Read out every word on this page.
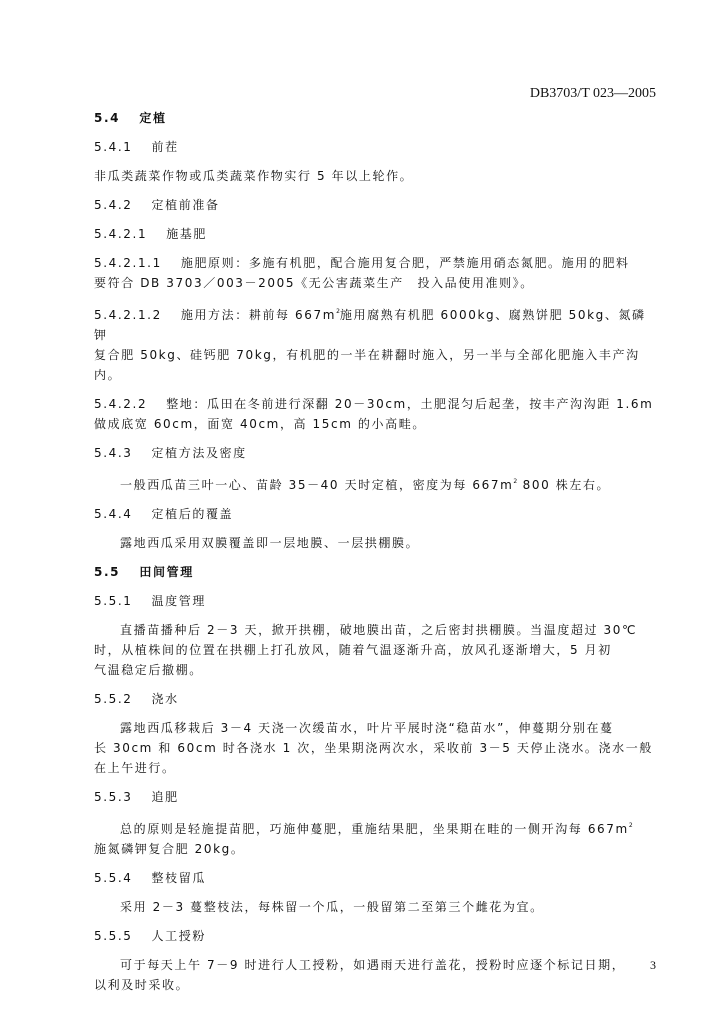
DB3703/T 023—2005

5.4　 定植

5.4.1　 前茬

非瓜类蔬菜作物或瓜类蔬菜作物实行 5 年以上轮作。

5.4.2　 定植前准备

5.4.2.1　 施基肥

5.4.2.1.1　 施肥原则：多施有机肥，配合施用复合肥，严禁施用硝态氮肥。施用的肥料

要符合 DB 3703／003－2005《无公害蔬菜生产　投入品使用准则》。

5.4.2.1.2　 施用方法：耕前每 $667m^2$施用腐熟有机肥 6000kg、腐熟饼肥 50kg、氮磷钾

复合肥 50kg、硅钙肥 70kg，有机肥的一半在耕翻时施入，另一半与全部化肥施入丰产沟

内。

5.4.2.2　 整地：瓜田在冬前进行深翻 20－30cm，土肥混匀后起垄，按丰产沟沟距 1.6m

做成底宽 60cm，面宽 40cm，高 15cm 的小高畦。

5.4.3　 定植方法及密度

一般西瓜苗三叶一心、苗龄 35－40 天时定植，密度为每 $667m^2$ 800 株左右。

5.4.4　 定植后的覆盖

露地西瓜采用双膜覆盖即一层地膜、一层拱棚膜。

5.5　 田间管理

5.5.1　 温度管理

直播苗播种后 2－3 天，掀开拱棚，破地膜出苗，之后密封拱棚膜。当温度超过 30℃

时，从植株间的位置在拱棚上打孔放风，随着气温逐渐升高，放风孔逐渐增大，5 月初

气温稳定后撤棚。

5.5.2　 浇水

露地西瓜移栽后 3－4 天浇一次缓苗水，叶片平展时浇“稳苗水”，伸蔓期分别在蔓

长 30cm 和 60cm 时各浇水 1 次，坐果期浇两次水，采收前 3－5 天停止浇水。浇水一般

在上午进行。

5.5.3　 追肥

总的原则是轻施提苗肥，巧施伸蔓肥，重施结果肥，坐果期在畦的一侧开沟每 $667m^2$

施氮磷钾复合肥 20kg。

5.5.4　 整枝留瓜

采用 2－3 蔓整枝法，每株留一个瓜，一般留第二至第三个雌花为宜。

5.5.5　 人工授粉

可于每天上午 7－9 时进行人工授粉，如遇雨天进行盖花，授粉时应逐个标记日期，

以利及时采收。

3
